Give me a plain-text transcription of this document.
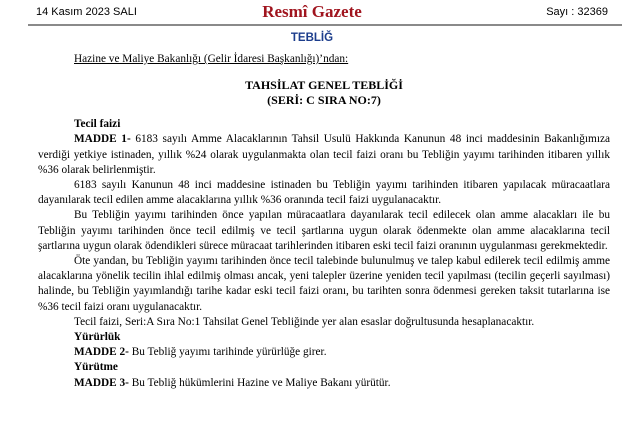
14 Kasım 2023 SALI	Resmî Gazete	Sayı : 32369
TEBLİĞ
Hazine ve Maliye Bakanlığı (Gelir İdaresi Başkanlığı)’ndan:
TAHSİLAT GENEL TEBLİĞİ
(SERİ: C SIRA NO:7)
Tecil faizi

MADDE 1- 6183 sayılı Amme Alacaklarının Tahsil Usulü Hakkında Kanunun 48 inci maddesinin Bakanlığımıza verdiği yetkiye istinaden, yıllık %24 olarak uygulanmakta olan tecil faizi oranı bu Tebliğin yayımı tarihinden itibaren yıllık %36 olarak belirlenmiştir.

6183 sayılı Kanunun 48 inci maddesine istinaden bu Tebliğin yayımı tarihinden itibaren yapılacak müracaatlara dayanılarak tecil edilen amme alacaklarına yıllık %36 oranında tecil faizi uygulanacaktır.

Bu Tebliğin yayımı tarihinden önce yapılan müracaatlara dayanılarak tecil edilecek olan amme alacakları ile bu Tebliğin yayımı tarihinden önce tecil edilmiş ve tecil şartlarına uygun olarak ödenmekte olan amme alacaklarına tecil şartlarına uygun olarak ödendikleri sürece müracaat tarihlerinden itibaren eski tecil faizi oranının uygulanması gerekmektedir.

Öte yandan, bu Tebliğin yayımı tarihinden önce tecil talebinde bulunulmuş ve talep kabul edilerek tecil edilmiş amme alacaklarına yönelik tecilin ihlal edilmiş olması ancak, yeni talepler üzerine yeniden tecil yapılması (tecilin geçerli sayılması) halinde, bu Tebliğin yayımlandığı tarihe kadar eski tecil faizi oranı, bu tarihten sonra ödenmesi gereken taksit tutarlarına ise %36 tecil faizi oranı uygulanacaktır.

Tecil faizi, Seri:A Sıra No:1 Tahsilat Genel Tebliğinde yer alan esaslar doğrultusunda hesaplanacaktır.

Yürürlük

MADDE 2- Bu Tebliğ yayımı tarihinde yürürlüğe girer.

Yürütme

MADDE 3- Bu Tebliğ hükümlerini Hazine ve Maliye Bakanı yürütür.
